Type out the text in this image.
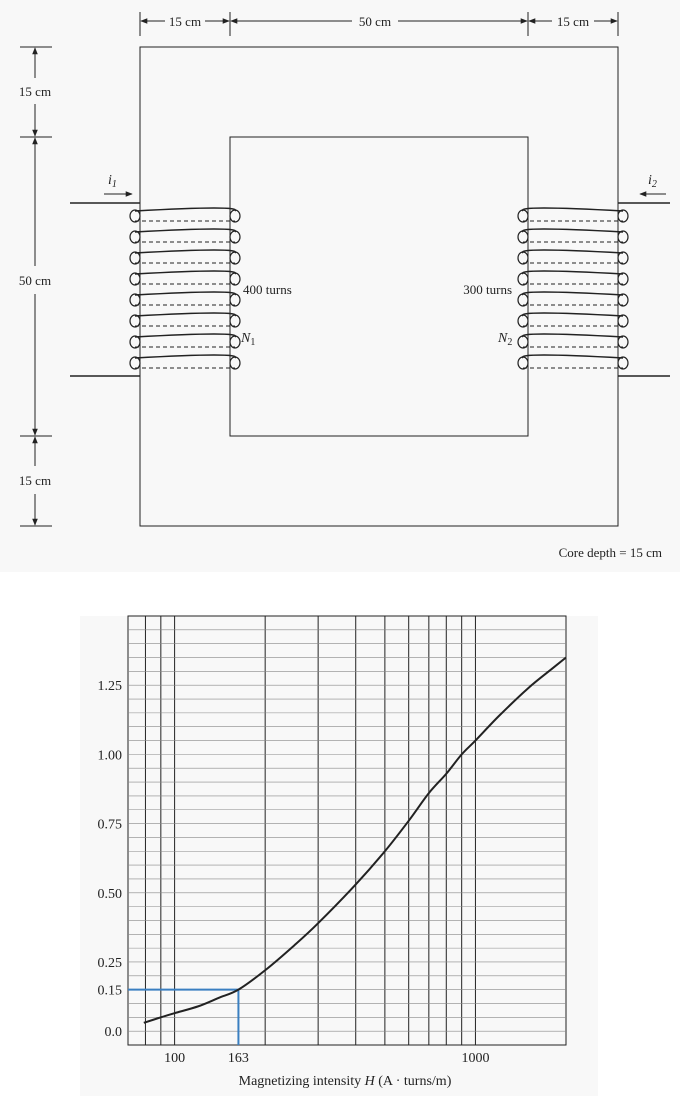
15 cm	50 cm	15 cm
15 cm
50 cm
15 cm
$i_1$
400 turns
$N_1$
$i_2$
300 turns
$N_2$
Core depth = 15 cm
0.0
0.15
0.25
0.50
0.75
1.00
1.25
100	163	1000
Magnetizing intensity H (A · turns/m)
